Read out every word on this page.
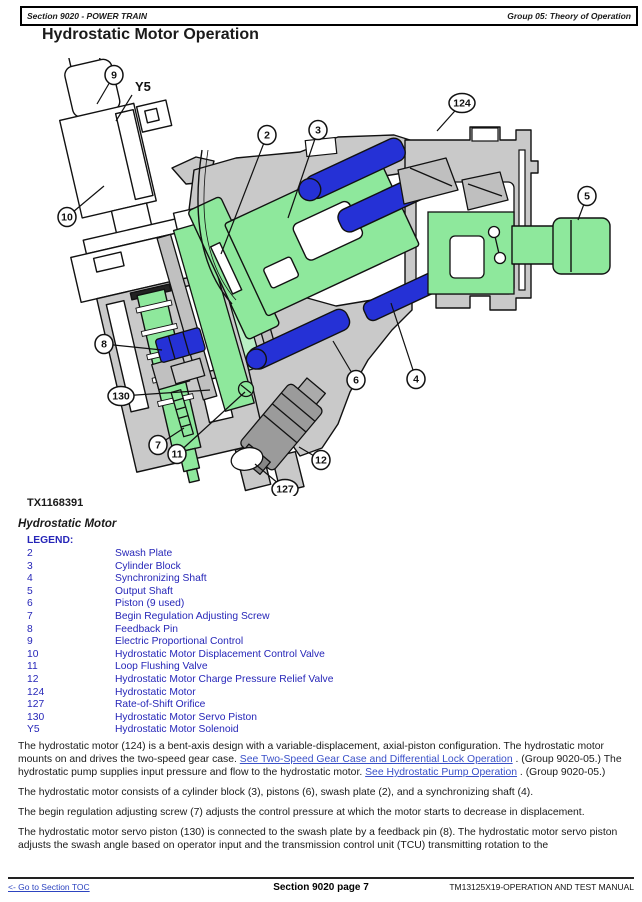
Section 9020 - POWER TRAIN	Group 05: Theory of Operation
Hydrostatic Motor Operation
9
Y5
10
2	3
124
5
8
130
7
11
6	4
12
127
TX1168391
Hydrostatic Motor
LEGEND:
2	Swash Plate
3	Cylinder Block
4	Synchronizing Shaft
5	Output Shaft
6	Piston (9 used)
7	Begin Regulation Adjusting Screw
8	Feedback Pin
9	Electric Proportional Control
10	Hydrostatic Motor Displacement Control Valve
11	Loop Flushing Valve
12	Hydrostatic Motor Charge Pressure Relief Valve
124	Hydrostatic Motor
127	Rate-of-Shift Orifice
130	Hydrostatic Motor Servo Piston
Y5	Hydrostatic Motor Solenoid

The hydrostatic motor (124) is a bent-axis design with a variable-displacement, axial-piston configuration. The hydrostatic motor mounts on and drives the two-speed gear case. See Two-Speed Gear Case and Differential Lock Operation . (Group 9020-05.) The hydrostatic pump supplies input pressure and flow to the hydrostatic motor. See Hydrostatic Pump Operation . (Group 9020-05.)

The hydrostatic motor consists of a cylinder block (3), pistons (6), swash plate (2), and a synchronizing shaft (4).

The begin regulation adjusting screw (7) adjusts the control pressure at which the motor starts to decrease in displacement.

The hydrostatic motor servo piston (130) is connected to the swash plate by a feedback pin (8). The hydrostatic motor servo piston adjusts the swash angle based on operator input and the transmission control unit (TCU) transmitting rotation to the

<- Go to Section TOC	Section 9020 page 7	TM13125X19-OPERATION AND TEST MANUAL
